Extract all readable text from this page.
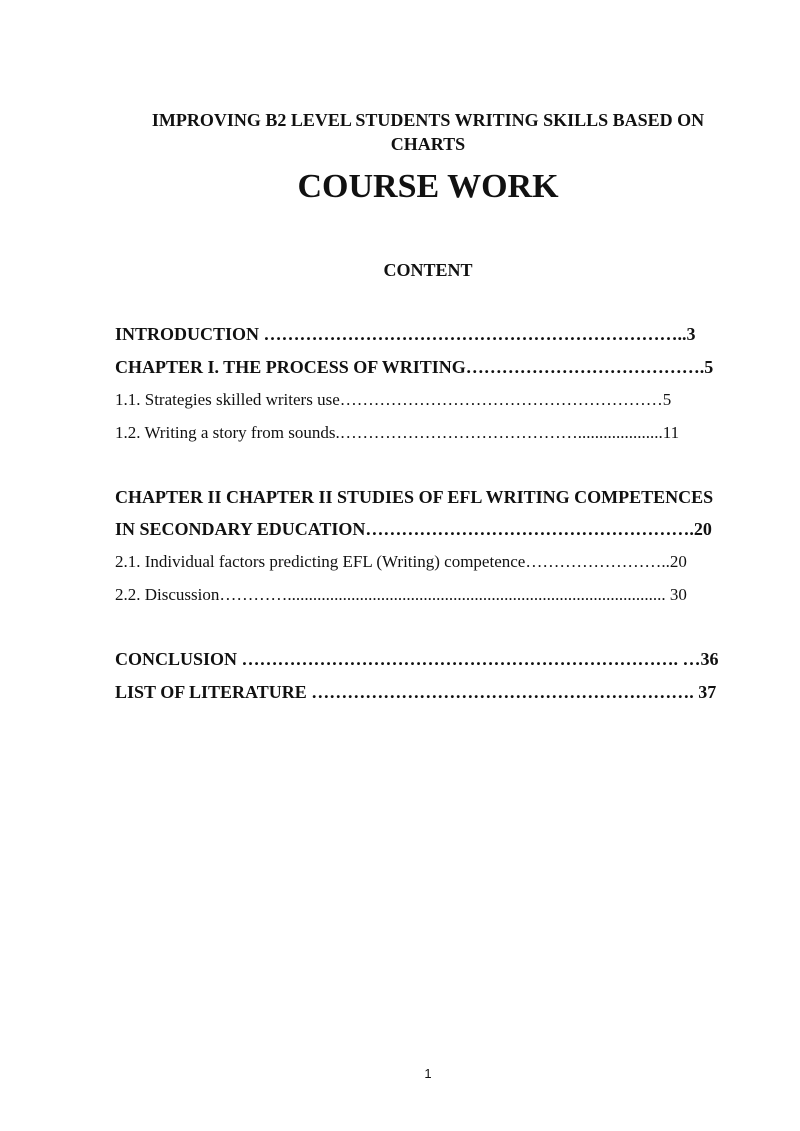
IMPROVING B2 LEVEL STUDENTS WRITING SKILLS BASED ON CHARTS

COURSE WORK

CONTENT

INTRODUCTION ……………………………………………………………..3

CHAPTER I. THE PROCESS OF WRITING………………………………….5

1.1. Strategies skilled writers use…………………………………………………5

1.2. Writing a story from sounds.……………………………………....................11

CHAPTER II CHAPTER II STUDIES OF EFL WRITING COMPETENCES

IN SECONDARY EDUCATION……………………………………………….20

2.1. Individual factors predicting EFL (Writing) competence……………………..20

2.2. Discussion…………......................................................................................... 30

CONCLUSION ………………………………………………………………. …36

LIST OF LITERATURE ………………………………………………………. 37

1
